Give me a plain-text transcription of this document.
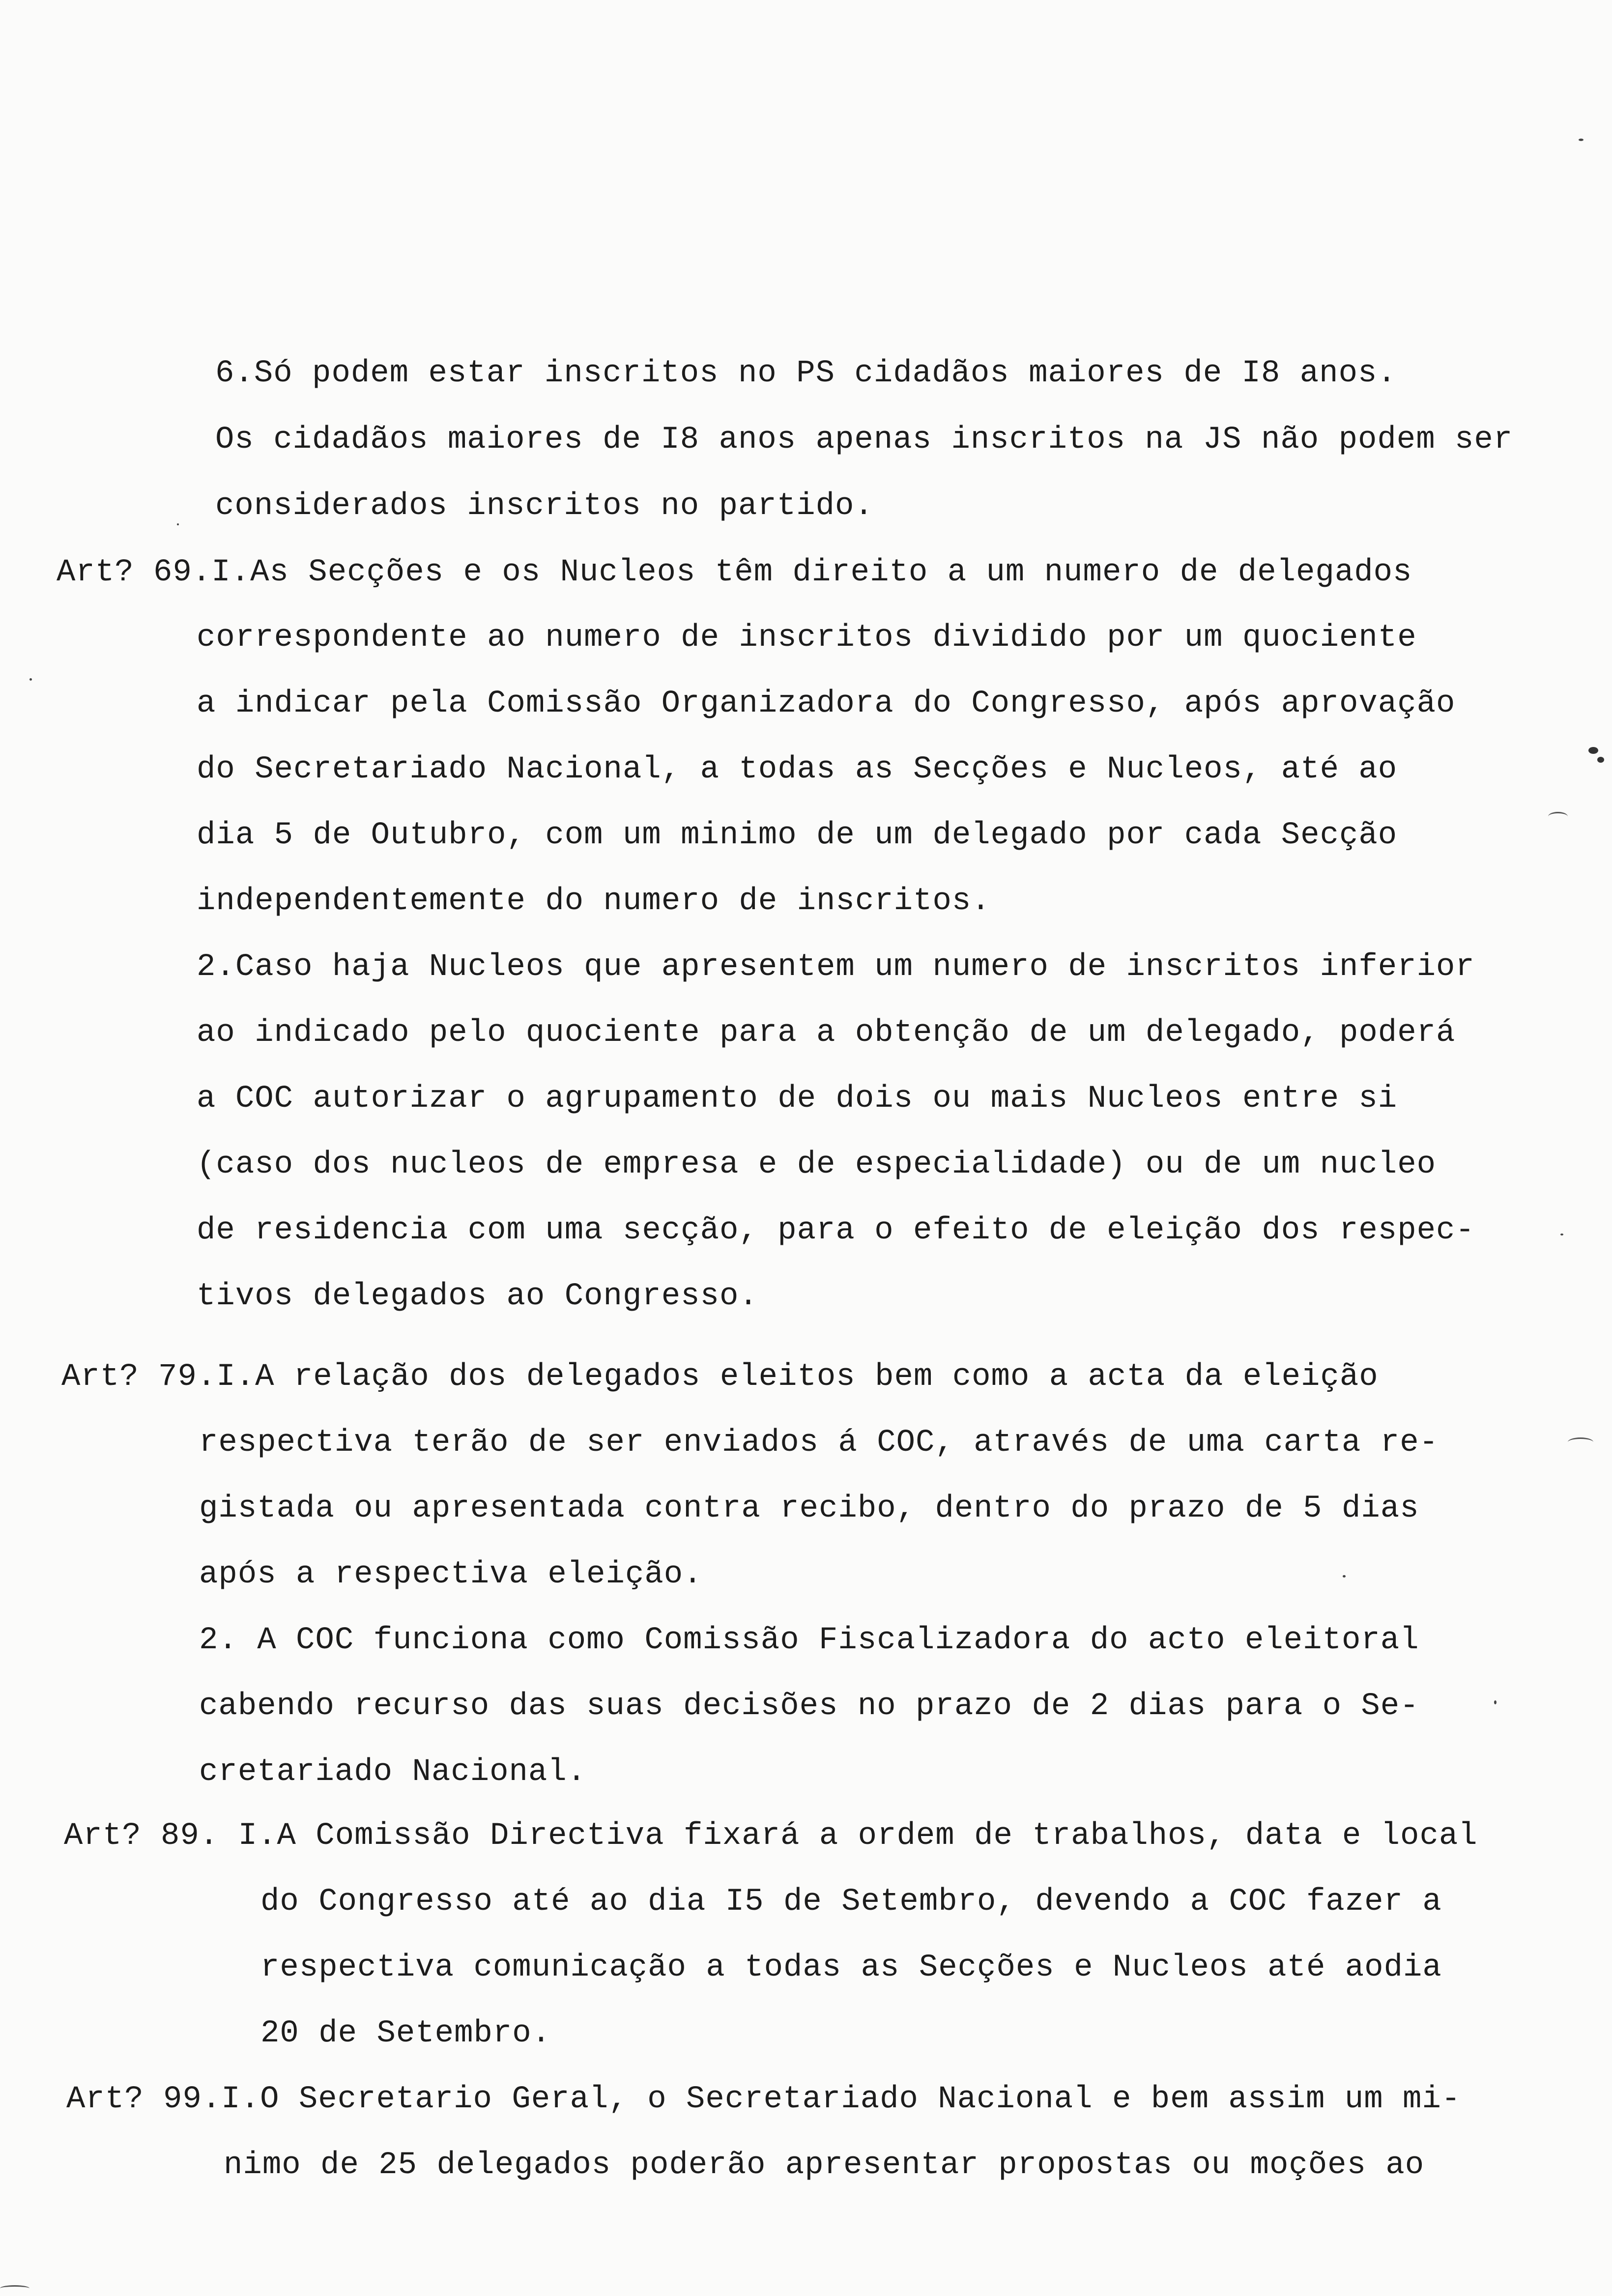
6.Só podem estar inscritos no PS cidadãos maiores de I8 anos.
Os cidadãos maiores de I8 anos apenas inscritos na JS não podem ser
considerados inscritos no partido.
Art? 69.I.As Secções e os Nucleos têm direito a um numero de delegados
correspondente ao numero de inscritos dividido por um quociente
a indicar pela Comissão Organizadora do Congresso, após aprovação
do Secretariado Nacional, a todas as Secções e Nucleos, até ao
dia 5 de Outubro, com um minimo de um delegado por cada Secção
independentemente do numero de inscritos.
2.Caso haja Nucleos que apresentem um numero de inscritos inferior
ao indicado pelo quociente para a obtenção de um delegado, poderá
a COC autorizar o agrupamento de dois ou mais Nucleos entre si
(caso dos nucleos de empresa e de especialidade) ou de um nucleo
de residencia com uma secção, para o efeito de eleição dos respec-
tivos delegados ao Congresso.
Art? 79.I.A relação dos delegados eleitos bem como a acta da eleição
respectiva terão de ser enviados á COC, através de uma carta re-
gistada ou apresentada contra recibo, dentro do prazo de 5 dias
após a respectiva eleição.
2. A COC funciona como Comissão Fiscalizadora do acto eleitoral
cabendo recurso das suas decisões no prazo de 2 dias para o Se-
cretariado Nacional.
Art? 89. I.A Comissão Directiva fixará a ordem de trabalhos, data e local
do Congresso até ao dia I5 de Setembro, devendo a COC fazer a
respectiva comunicação a todas as Secções e Nucleos até aodia
20 de Setembro.
Art? 99.I.O Secretario Geral, o Secretariado Nacional e bem assim um mi-
nimo de 25 delegados poderão apresentar propostas ou moções ao
